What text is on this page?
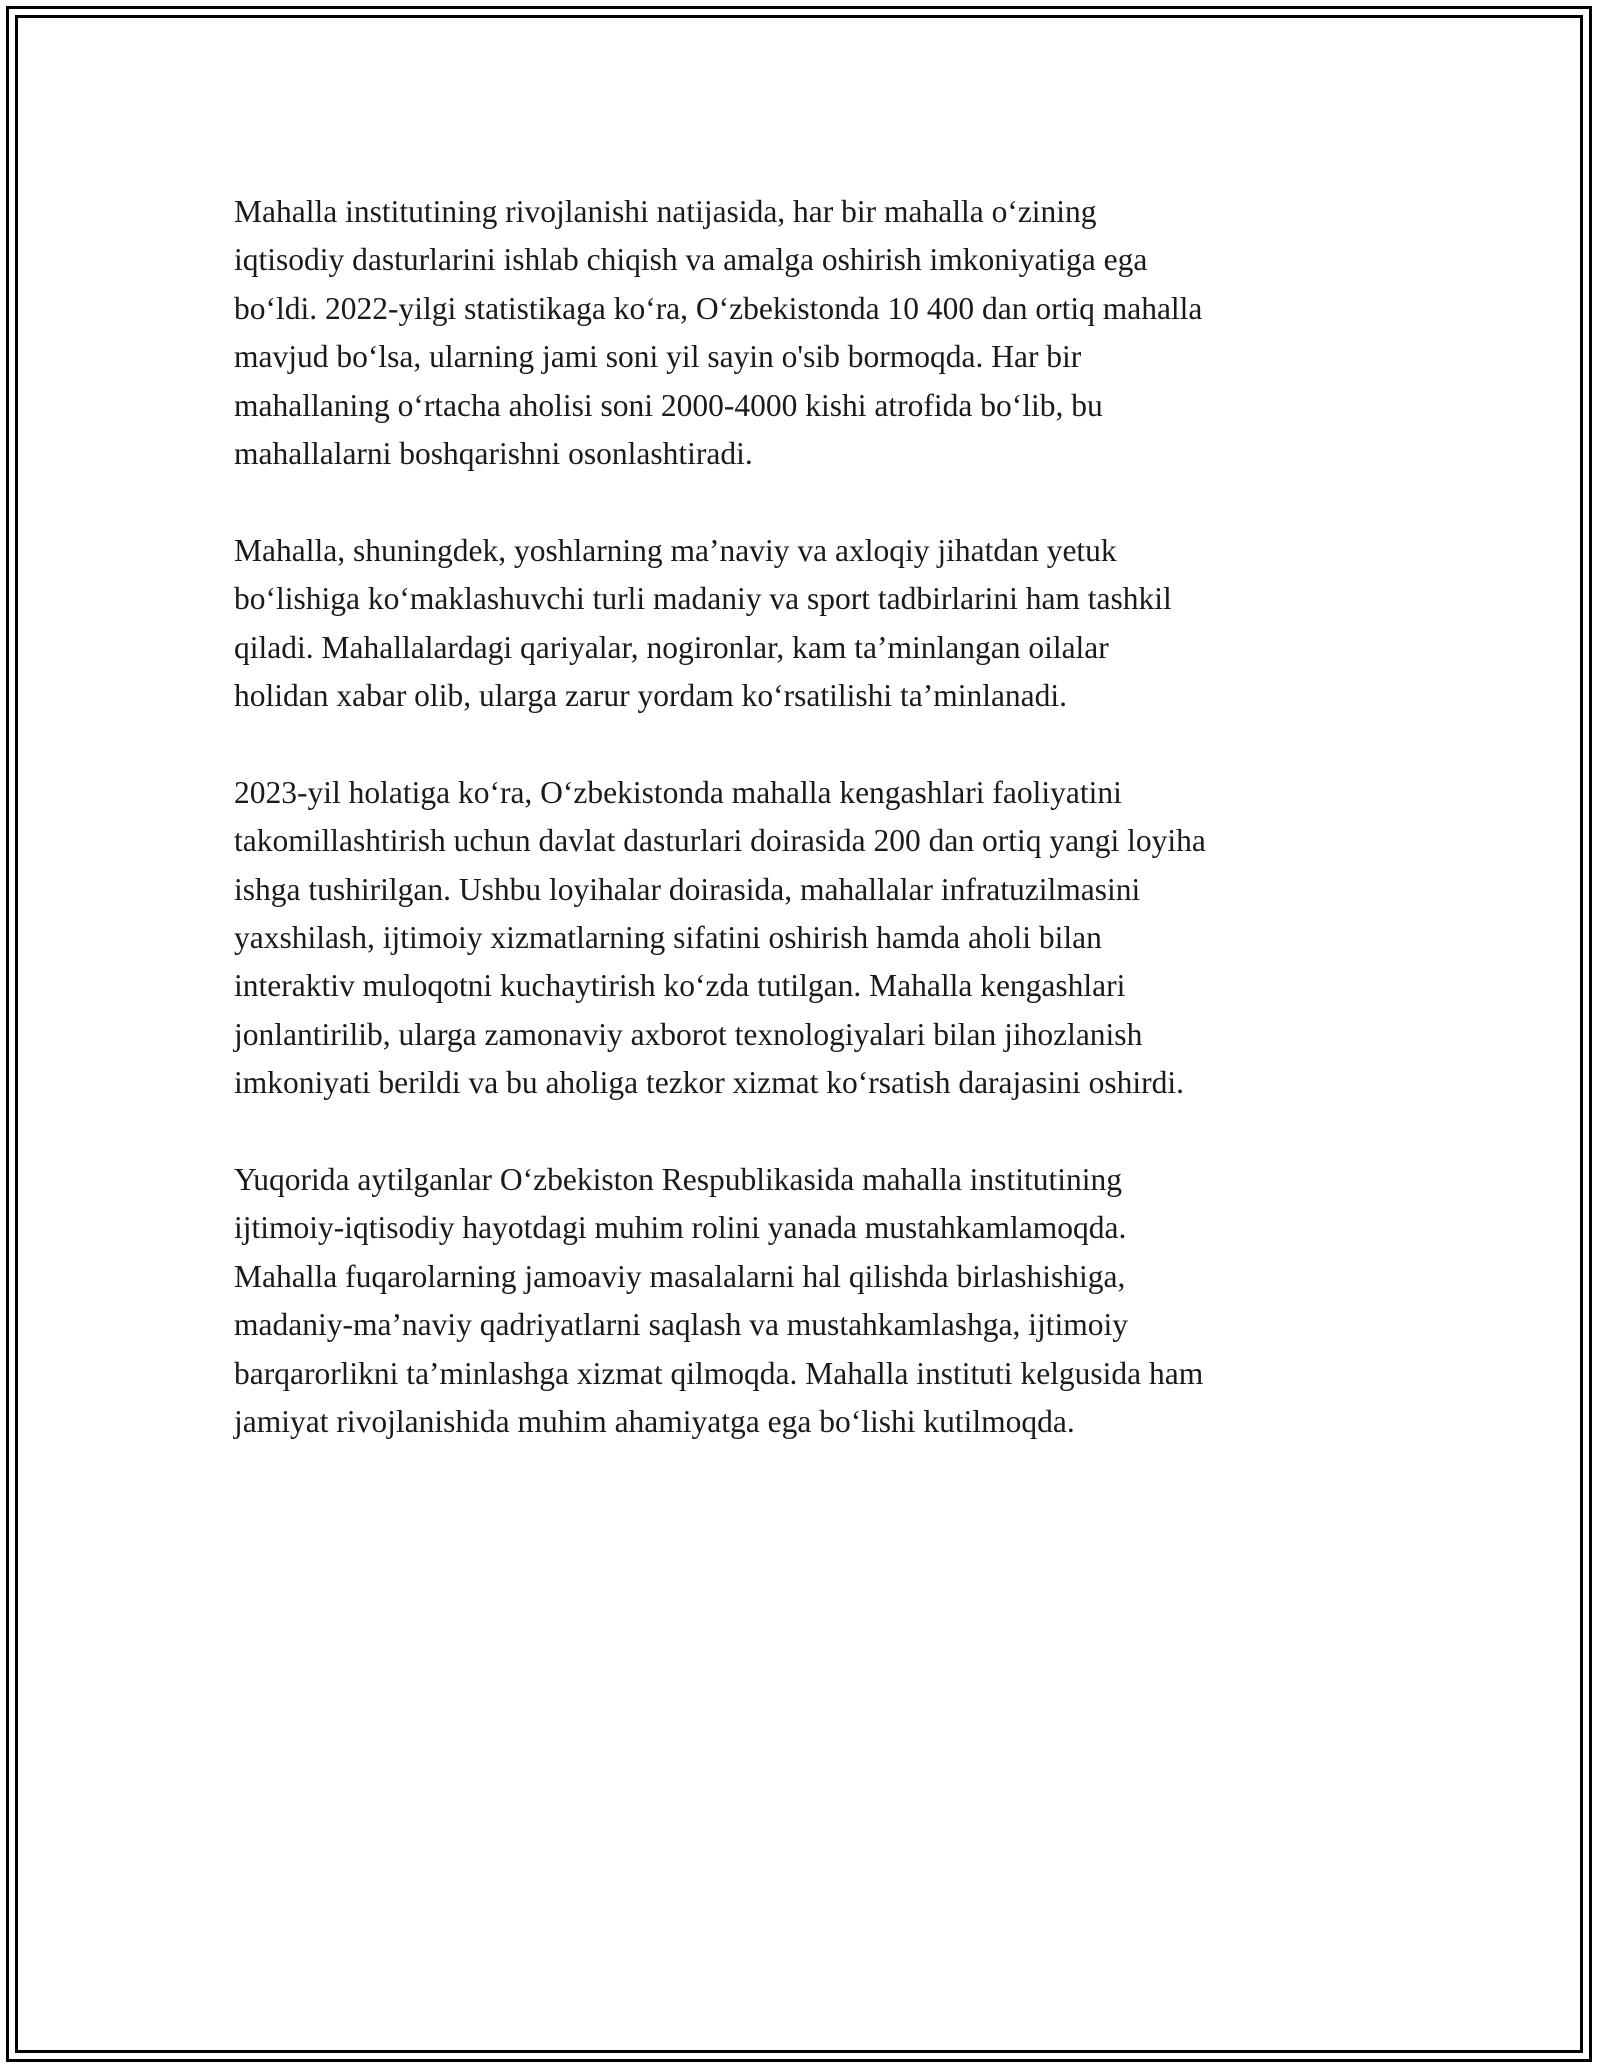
Mahalla institutining rivojlanishi natijasida, har bir mahalla o‘zining
iqtisodiy dasturlarini ishlab chiqish va amalga oshirish imkoniyatiga ega
bo‘ldi. 2022-yilgi statistikaga ko‘ra, O‘zbekistonda 10 400 dan ortiq mahalla
mavjud bo‘lsa, ularning jami soni yil sayin o'sib bormoqda. Har bir
mahallaning o‘rtacha aholisi soni 2000-4000 kishi atrofida bo‘lib, bu
mahallalarni boshqarishni osonlashtiradi.

Mahalla, shuningdek, yoshlarning ma’naviy va axloqiy jihatdan yetuk
bo‘lishiga ko‘maklashuvchi turli madaniy va sport tadbirlarini ham tashkil
qiladi. Mahallalardagi qariyalar, nogironlar, kam ta’minlangan oilalar
holidan xabar olib, ularga zarur yordam ko‘rsatilishi ta’minlanadi.

2023-yil holatiga ko‘ra, O‘zbekistonda mahalla kengashlari faoliyatini
takomillashtirish uchun davlat dasturlari doirasida 200 dan ortiq yangi loyiha
ishga tushirilgan. Ushbu loyihalar doirasida, mahallalar infratuzilmasini
yaxshilash, ijtimoiy xizmatlarning sifatini oshirish hamda aholi bilan
interaktiv muloqotni kuchaytirish ko‘zda tutilgan. Mahalla kengashlari
jonlantirilib, ularga zamonaviy axborot texnologiyalari bilan jihozlanish
imkoniyati berildi va bu aholiga tezkor xizmat ko‘rsatish darajasini oshirdi.

Yuqorida aytilganlar O‘zbekiston Respublikasida mahalla institutining
ijtimoiy-iqtisodiy hayotdagi muhim rolini yanada mustahkamlamoqda.
Mahalla fuqarolarning jamoaviy masalalarni hal qilishda birlashishiga,
madaniy-ma’naviy qadriyatlarni saqlash va mustahkamlashga, ijtimoiy
barqarorlikni ta’minlashga xizmat qilmoqda. Mahalla instituti kelgusida ham
jamiyat rivojlanishida muhim ahamiyatga ega bo‘lishi kutilmoqda.
